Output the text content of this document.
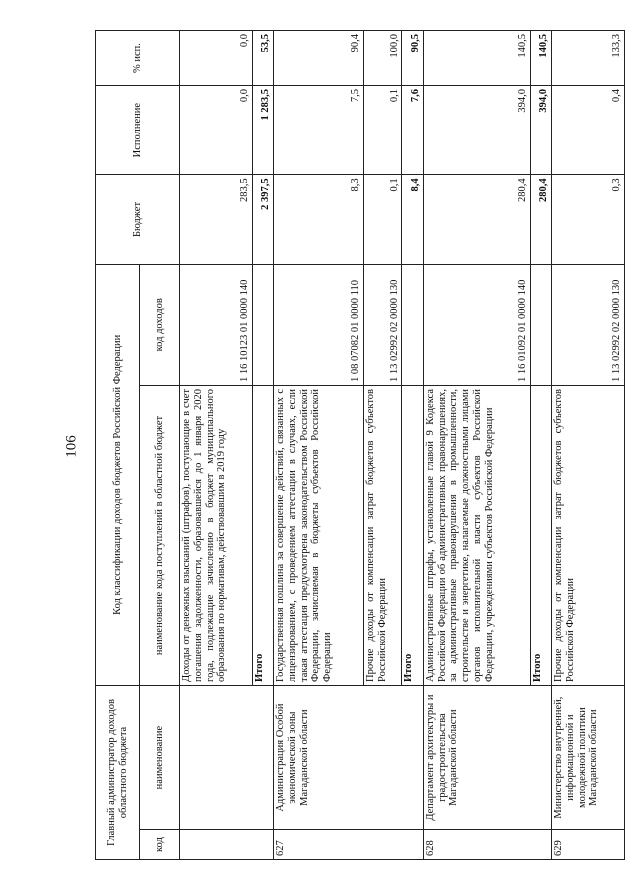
106
Главный администратор доходов областного бюджета		Код классификации доходов бюджетов Российской Федерации		Бюджет	Исполнение	% исп.
код	наименование	наименование кода поступлений в областной бюджет	код доходов			
		Доходы от денежных взысканий (штрафов), поступающие в счет погашения задолженности, образовавшейся до 1 января 2020 года, подлежащие зачислению в бюджет муниципального образования по нормативам, действовавшим в 2019 году	1 16 10123 01 0000 140	283,5	0,0	0,0
		Итого		2 397,5	1 283,5	53,5
627	Администрация Особой экономической зоны Магаданской области	Государственная пошлина за совершение действий, связанных с лицензированием, с проведением аттестации в случаях, если такая аттестация предусмотрена законодательством Российской Федерации, зачисляемая в бюджеты субъектов Российской Федерации	1 08 07082 01 0000 110	8,3	7,5	90,4
		Прочие доходы от компенсации затрат бюджетов субъектов Российской Федерации	1 13 02992 02 0000 130	0,1	0,1	100,0
		Итого		8,4	7,6	90,5
628	Департамент архитектуры и градостроительства Магаданской области	Административные штрафы, установленные главой 9 Кодекса Российской Федерации об административных правонарушениях, за административные правонарушения в промышленности, строительстве и энергетике, налагаемые должностными лицами органов исполнительной власти субъектов Российской Федерации, учреждениями субъектов Российской Федерации	1 16 01092 01 0000 140	280,4	394,0	140,5
		Итого		280,4	394,0	140,5
629	Министерство внутренней, информационной и молодежной политики Магаданской области	Прочие доходы от компенсации затрат бюджетов субъектов Российской Федерации	1 13 02992 02 0000 130	0,3	0,4	133,3
